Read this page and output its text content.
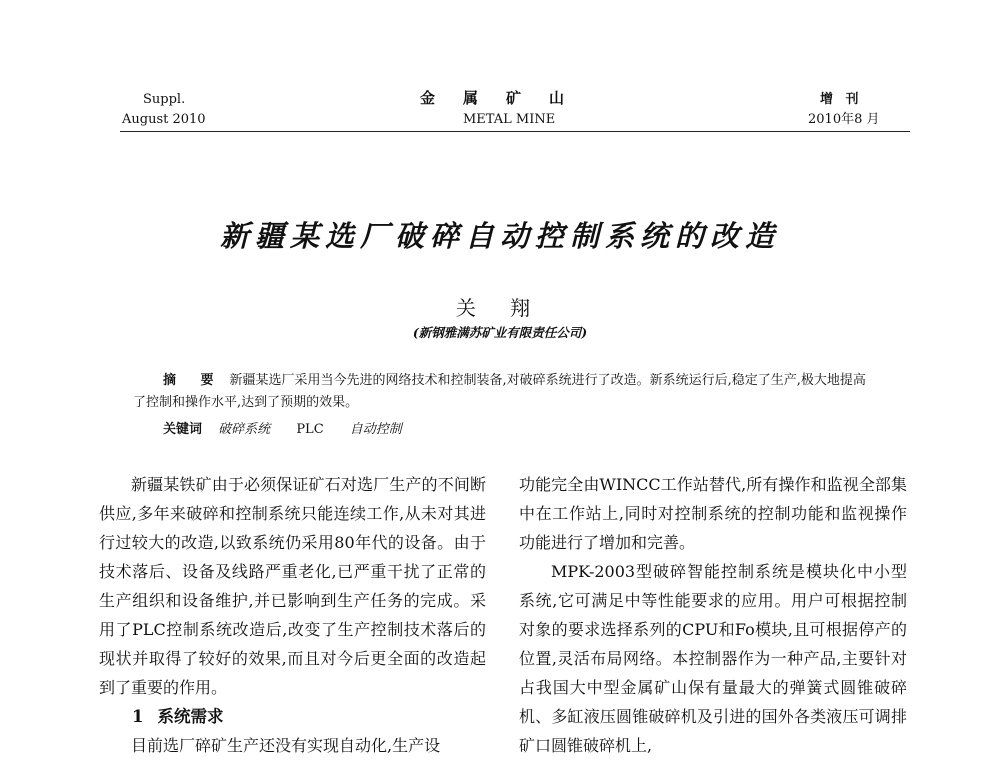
Suppl.
August 2010
金属矿山
METAL MINE
增 刊
2010年8 月
新疆某选厂破碎自动控制系统的改造
关 翔
(新钢雅满苏矿业有限责任公司)
摘 要 新疆某选厂采用当今先进的网络技术和控制装备,对破碎系统进行了改造。新系统运行后,稳定了生产,极大地提高了控制和操作水平,达到了预期的效果。
关键词 破碎系统 PLC 自动控制

新疆某铁矿由于必须保证矿石对选厂生产的不间断供应,多年来破碎和控制系统只能连续工作,从未对其进行过较大的改造,以致系统仍采用80年代的设备。由于技术落后、设备及线路严重老化,已严重干扰了正常的生产组织和设备维护,并已影响到生产任务的完成。采用了PLC控制系统改造后,改变了生产控制技术落后的现状并取得了较好的效果,而且对今后更全面的改造起到了重要的作用。

1 系统需求

目前选厂碎矿生产还没有实现自动化,生产设

功能完全由WINCC工作站替代,所有操作和监视全部集中在工作站上,同时对控制系统的控制功能和监视操作功能进行了增加和完善。

MPK-2003型破碎智能控制系统是模块化中小型系统,它可满足中等性能要求的应用。用户可根据控制对象的要求选择系列的CPU和Fo模块,且可根据停产的位置,灵活布局网络。本控制器作为一种产品,主要针对占我国大中型金属矿山保有量最大的弹簧式圆锥破碎机、多缸液压圆锥破碎机及引进的国外各类液压可调排矿口圆锥破碎机上,
